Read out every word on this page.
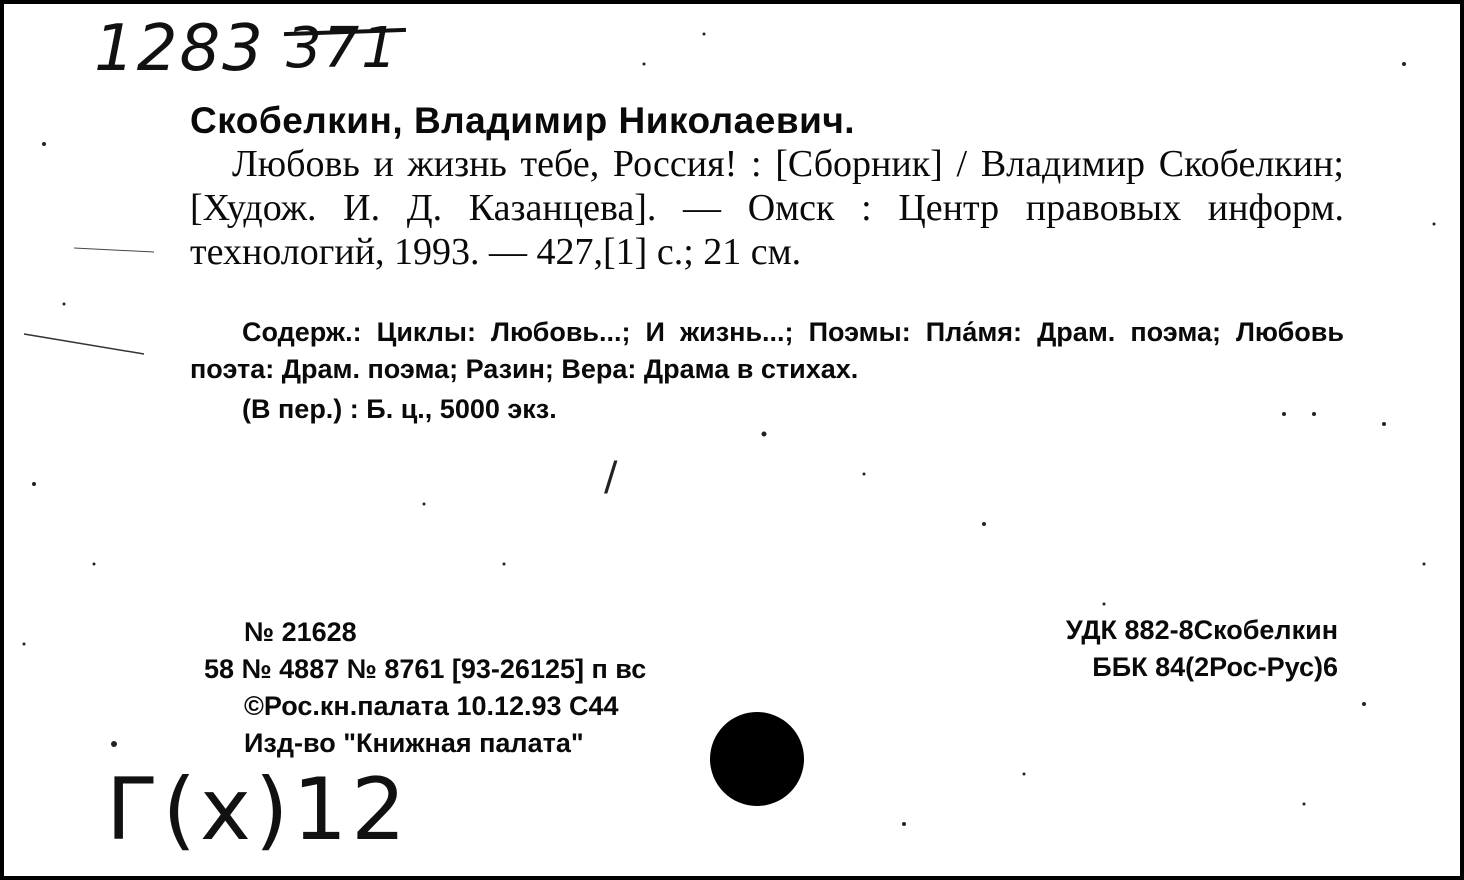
1283 371
Скобелкин, Владимир Николаевич.
Любовь и жизнь тебе, Россия! : [Сборник] / Владимир Скобелкин; [Худож. И. Д. Казанцева]. — Омск : Центр правовых информ. технологий, 1993. — 427,[1] с.; 21 см.
Содерж.: Циклы: Любовь...; И жизнь...; Поэмы: Пла́мя: Драм. поэма; Любовь поэта: Драм. поэма; Разин; Вера: Драма в стихах.
(В пер.) : Б. ц., 5000 экз.
/
№ 21628
58 № 4887 № 8761 [93-26125] п вс
©Рос.кн.палата 10.12.93 С44
Изд-во "Книжная палата"
УДК 882-8Скобелкин
ББК 84(2Рос-Рус)6
Г(х)12
